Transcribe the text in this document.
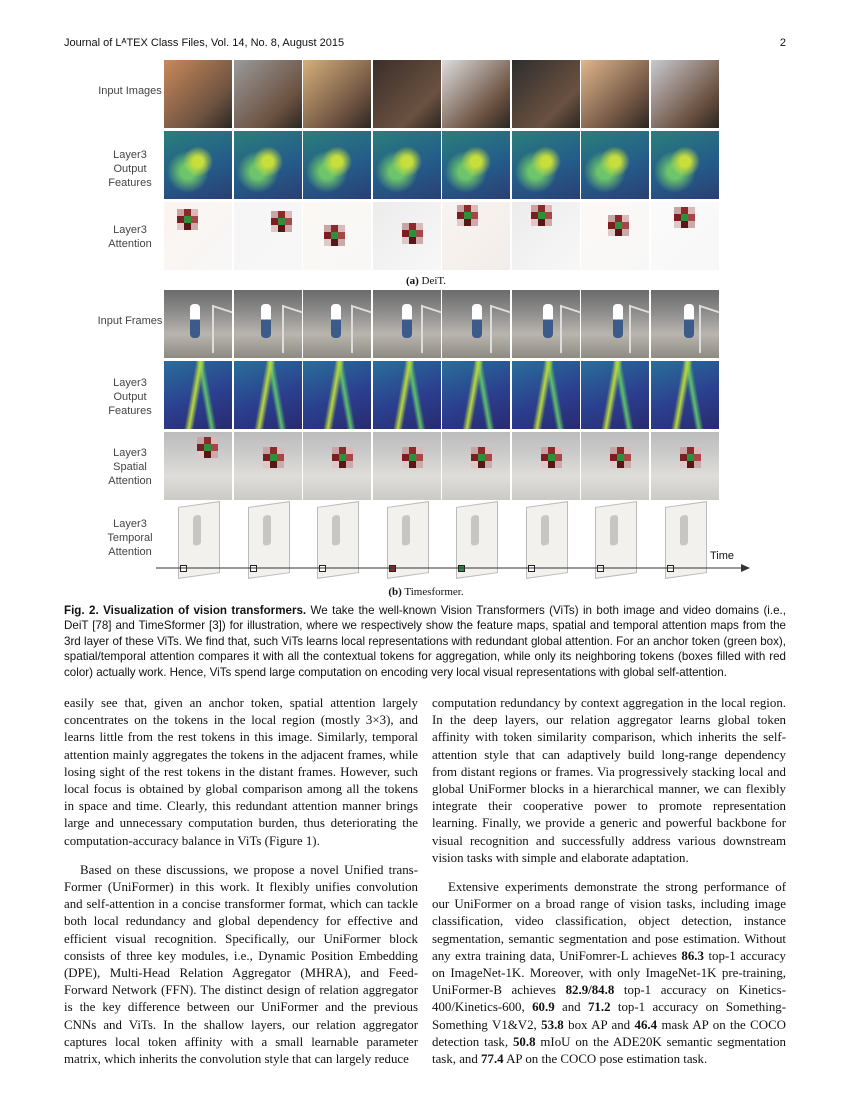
Journal of LᴬTEX Class Files, Vol. 14, No. 8, August 2015	2
Input Images
Layer3 Output Features
Layer3 Attention
(a) DeiT.
Input Frames
Layer3 Output Features
Layer3 Spatial Attention
Layer3 Temporal Attention	Time
(b) Timesformer.
Fig. 2. Visualization of vision transformers. We take the well-known Vision Transformers (ViTs) in both image and video domains (i.e., DeiT [78] and TimeSformer [3]) for illustration, where we respectively show the feature maps, spatial and temporal attention maps from the 3rd layer of these ViTs. We find that, such ViTs learns local representations with redundant global attention. For an anchor token (green box), spatial/temporal attention compares it with all the contextual tokens for aggregation, while only its neighboring tokens (boxes filled with red color) actually work. Hence, ViTs spend large computation on encoding very local visual representations with global self-attention.

easily see that, given an anchor token, spatial attention largely concentrates on the tokens in the local region (mostly 3×3), and learns little from the rest tokens in this image. Similarly, temporal attention mainly aggregates the tokens in the adjacent frames, while losing sight of the rest tokens in the distant frames. However, such local focus is obtained by global comparison among all the tokens in space and time. Clearly, this redundant attention manner brings large and unnecessary computation burden, thus deteriorating the computation-accuracy balance in ViTs (Figure 1).

Based on these discussions, we propose a novel Unified trans-Former (UniFormer) in this work. It flexibly unifies convolution and self-attention in a concise transformer format, which can tackle both local redundancy and global dependency for effective and efficient visual recognition. Specifically, our UniFormer block consists of three key modules, i.e., Dynamic Position Embedding (DPE), Multi-Head Relation Aggregator (MHRA), and Feed-Forward Network (FFN). The distinct design of relation aggregator is the key difference between our UniFormer and the previous CNNs and ViTs. In the shallow layers, our relation aggregator captures local token affinity with a small learnable parameter matrix, which inherits the convolution style that can largely reduce

computation redundancy by context aggregation in the local region. In the deep layers, our relation aggregator learns global token affinity with token similarity comparison, which inherits the self-attention style that can adaptively build long-range dependency from distant regions or frames. Via progressively stacking local and global UniFormer blocks in a hierarchical manner, we can flexibly integrate their cooperative power to promote representation learning. Finally, we provide a generic and powerful backbone for visual recognition and successfully address various downstream vision tasks with simple and elaborate adaptation.

Extensive experiments demonstrate the strong performance of our UniFormer on a broad range of vision tasks, including image classification, video classification, object detection, instance segmentation, semantic segmentation and pose estimation. Without any extra training data, UniFomrer-L achieves 86.3 top-1 accuracy on ImageNet-1K. Moreover, with only ImageNet-1K pre-training, UniFormer-B achieves 82.9/84.8 top-1 accuracy on Kinetics-400/Kinetics-600, 60.9 and 71.2 top-1 accuracy on Something-Something V1&V2, 53.8 box AP and 46.4 mask AP on the COCO detection task, 50.8 mIoU on the ADE20K semantic segmentation task, and 77.4 AP on the COCO pose estimation task.
